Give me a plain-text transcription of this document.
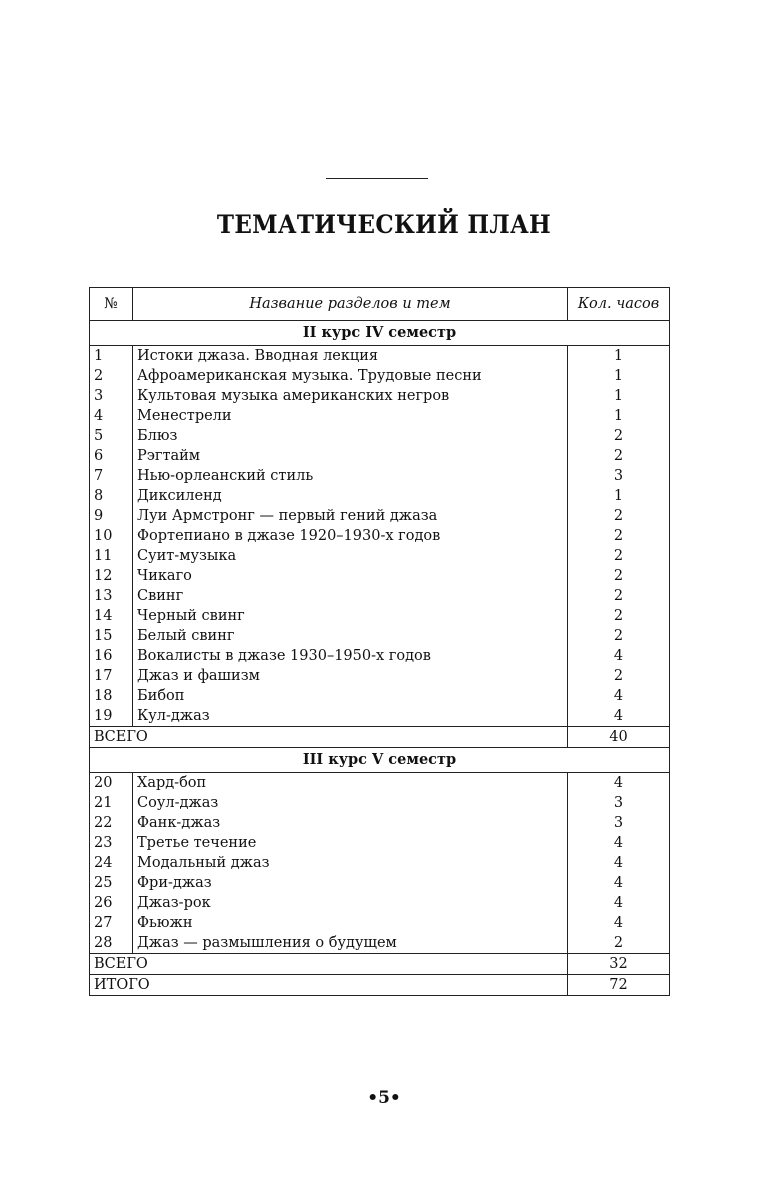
ТЕМАТИЧЕСКИЙ ПЛАН
№	Название разделов и тем	Кол. часов
II курс IV семестр		
1	Истоки джаза. Вводная лекция	1
2	Афроамериканская музыка. Трудовые песни	1
3	Культовая музыка американских негров	1
4	Менестрели	1
5	Блюз	2
6	Рэгтайм	2
7	Нью-орлеанский стиль	3
8	Диксиленд	1
9	Луи Армстронг — первый гений джаза	2
10	Фортепиано в джазе 1920–1930-х годов	2
11	Суит-музыка	2
12	Чикаго	2
13	Свинг	2
14	Черный свинг	2
15	Белый свинг	2
16	Вокалисты в джазе 1930–1950-х годов	4
17	Джаз и фашизм	2
18	Бибоп	4
19	Кул-джаз	4
ВСЕГО		40
III курс V семестр		
20	Хард-боп	4
21	Соул-джаз	3
22	Фанк-джаз	3
23	Третье течение	4
24	Модальный джаз	4
25	Фри-джаз	4
26	Джаз-рок	4
27	Фьюжн	4
28	Джаз — размышления о будущем	2
ВСЕГО		32
ИТОГО		72
•5•
